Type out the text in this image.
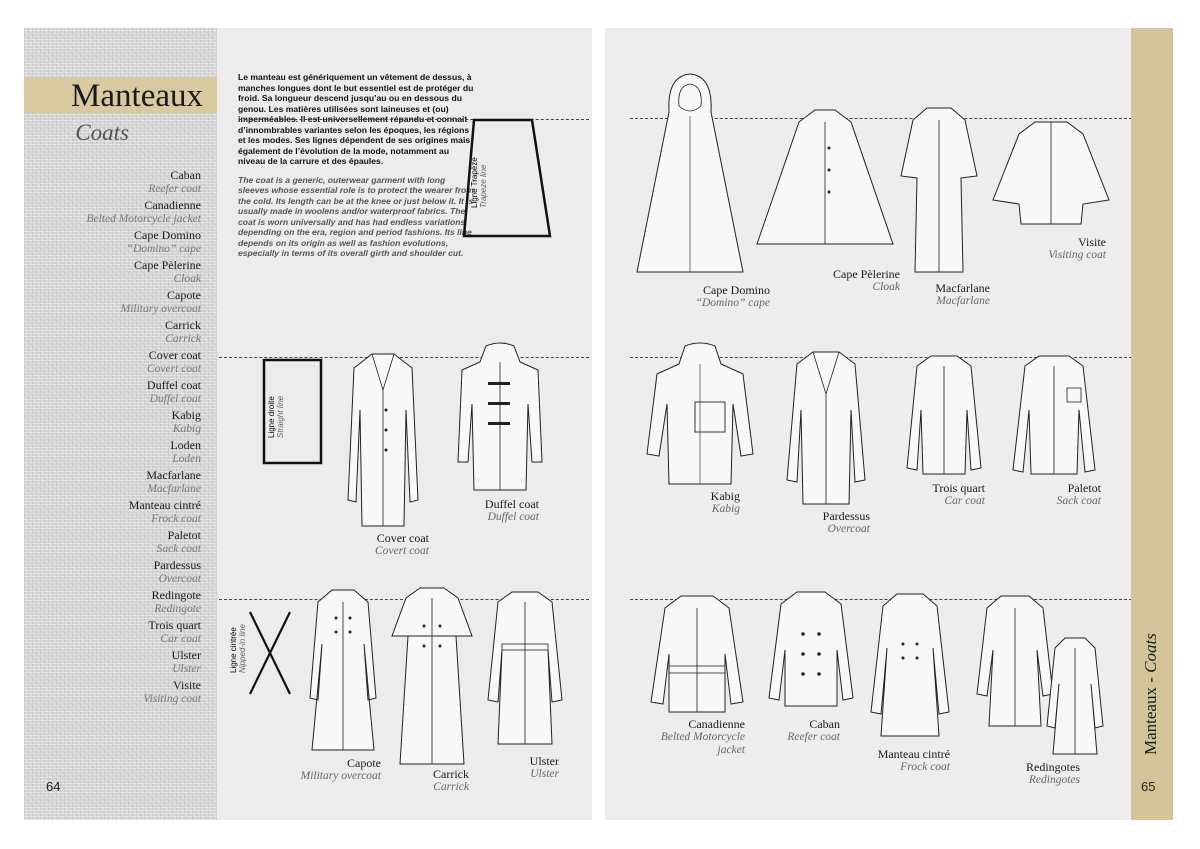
Manteaux
Coats
Caban
Reefer coat
Canadienne
Belted Motorcycle jacket
Cape Domino
“Domino” cape
Cape Pèlerine
Cloak
Capote
Military overcoat
Carrick
Carrick
Cover coat
Covert coat
Duffel coat
Duffel coat
Kabig
Kabig
Loden
Loden
Macfarlane
Macfarlane
Manteau cintré
Frock coat
Paletot
Sack coat
Pardessus
Overcoat
Redingote
Redingote
Trois quart
Car coat
Ulster
Ulster
Visite
Visiting coat
64

Le manteau est génériquement un vêtement de dessus, à manches longues dont le but essentiel est de protéger du froid. Sa longueur descend jusqu’au ou en dessous du genou. Les matières utilisées sont laineuses et (ou) imperméables. Il est universellement répandu et connait d’innombrables variantes selon les époques, les régions et les modes. Ses lignes dépendent de ses origines mais également de l’évolution de la mode, notamment au niveau de la carrure et des épaules.

The coat is a generic, outerwear garment with long sleeves whose essential role is to protect the wearer from the cold. Its length can be at the knee or just below it. It is usually made in woolens and/or waterproof fabrics. The coat is worn universally and has had endless variations depending on the era, region and period fashions. Its line depends on its origin as well as fashion evolutions, especially in terms of its overall girth and shoulder cut.

Ligne Trapèze Trapeze line
Ligne droite Straight line
Ligne cintrée Nipped-in line
Cover coat
Covert coat
Duffel coat
Duffel coat
Capote
Military overcoat	Carrick
Carrick
Ulster
Ulster
Cape Domino
“Domino” cape
Cape Pèlerine
Cloak	Macfarlane
Macfarlane
Visite
Visiting coat
Kabig
Kabig	Pardessus
Overcoat
Trois quart
Car coat
Paletot
Sack coat
Canadienne
Belted Motorcycle
jacket
Caban
Reefer coat
Manteau cintré
Frock coat	Redingotes
Redingotes
Manteaux - Coats
65
